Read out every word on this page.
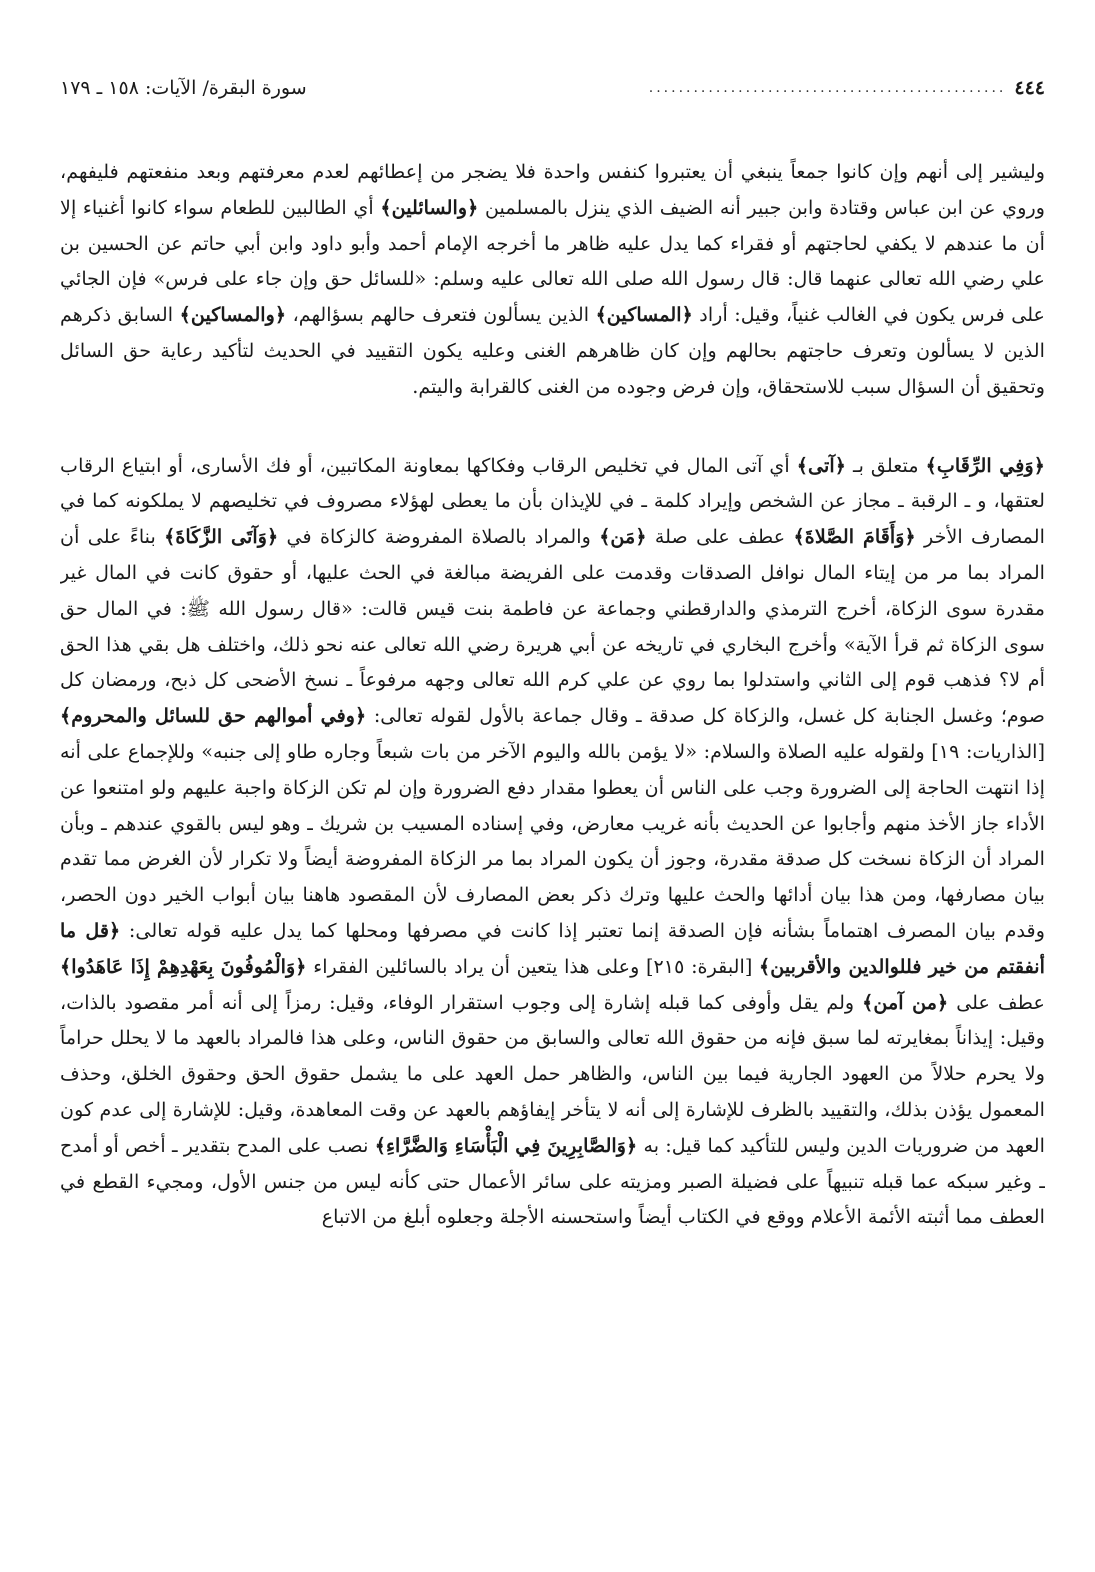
٤٤٤
................................................
سورة البقرة/ الآيات: ١٥٨ ـ ١٧٩

وليشير إلى أنهم وإن كانوا جمعاً ينبغي أن يعتبروا كنفس واحدة فلا يضجر من إعطائهم لعدم معرفتهم وبعد منفعتهم فليفهم، وروي عن ابن عباس وقتادة وابن جبير أنه الضيف الذي ينزل بالمسلمين ﴿والسائلين﴾ أي الطالبين للطعام سواء كانوا أغنياء إلا أن ما عندهم لا يكفي لحاجتهم أو فقراء كما يدل عليه ظاهر ما أخرجه الإمام أحمد وأبو داود وابن أبي حاتم عن الحسين بن علي رضي الله تعالى عنهما قال: قال رسول الله صلى الله تعالى عليه وسلم: «للسائل حق وإن جاء على فرس» فإن الجائي على فرس يكون في الغالب غنياً، وقيل: أراد ﴿المساكين﴾ الذين يسألون فتعرف حالهم بسؤالهم، ﴿والمساكين﴾ السابق ذكرهم الذين لا يسألون وتعرف حاجتهم بحالهم وإن كان ظاهرهم الغنى وعليه يكون التقييد في الحديث لتأكيد رعاية حق السائل وتحقيق أن السؤال سبب للاستحقاق، وإن فرض وجوده من الغنى كالقرابة واليتم.

﴿وَفِي الرِّقَابِ﴾ متعلق بـ ﴿آتى﴾ أي آتى المال في تخليص الرقاب وفكاكها بمعاونة المكاتبين، أو فك الأسارى، أو ابتياع الرقاب لعتقها، و ـ الرقبة ـ مجاز عن الشخص وإيراد كلمة ـ في للإيذان بأن ما يعطى لهؤلاء مصروف في تخليصهم لا يملكونه كما في المصارف الأخر ﴿وَأَقَامَ الصَّلاةَ﴾ عطف على صلة ﴿مَن﴾ والمراد بالصلاة المفروضة كالزكاة في ﴿وَآتَى الزَّكَاةَ﴾ بناءً على أن المراد بما مر من إيتاء المال نوافل الصدقات وقدمت على الفريضة مبالغة في الحث عليها، أو حقوق كانت في المال غير مقدرة سوى الزكاة، أخرج الترمذي والدارقطني وجماعة عن فاطمة بنت قيس قالت: «قال رسول الله ﷺ: في المال حق سوى الزكاة ثم قرأ الآية» وأخرج البخاري في تاريخه عن أبي هريرة رضي الله تعالى عنه نحو ذلك، واختلف هل بقي هذا الحق أم لا؟ فذهب قوم إلى الثاني واستدلوا بما روي عن علي كرم الله تعالى وجهه مرفوعاً ـ نسخ الأضحى كل ذبح، ورمضان كل صوم؛ وغسل الجنابة كل غسل، والزكاة كل صدقة ـ وقال جماعة بالأول لقوله تعالى: ﴿وفي أموالهم حق للسائل والمحروم﴾ [الذاريات: ١٩] ولقوله عليه الصلاة والسلام: «لا يؤمن بالله واليوم الآخر من بات شبعاً وجاره طاو إلى جنبه» وللإجماع على أنه إذا انتهت الحاجة إلى الضرورة وجب على الناس أن يعطوا مقدار دفع الضرورة وإن لم تكن الزكاة واجبة عليهم ولو امتنعوا عن الأداء جاز الأخذ منهم وأجابوا عن الحديث بأنه غريب معارض، وفي إسناده المسيب بن شريك ـ وهو ليس بالقوي عندهم ـ وبأن المراد أن الزكاة نسخت كل صدقة مقدرة، وجوز أن يكون المراد بما مر الزكاة المفروضة أيضاً ولا تكرار لأن الغرض مما تقدم بيان مصارفها، ومن هذا بيان أدائها والحث عليها وترك ذكر بعض المصارف لأن المقصود هاهنا بيان أبواب الخير دون الحصر، وقدم بيان المصرف اهتماماً بشأنه فإن الصدقة إنما تعتبر إذا كانت في مصرفها ومحلها كما يدل عليه قوله تعالى: ﴿قل ما أنفقتم من خير فللوالدين والأقربين﴾ [البقرة: ٢١٥] وعلى هذا يتعين أن يراد بالسائلين الفقراء ﴿وَالْمُوفُونَ بِعَهْدِهِمْ إِذَا عَاهَدُوا﴾ عطف على ﴿من آمن﴾ ولم يقل وأوفى كما قبله إشارة إلى وجوب استقرار الوفاء، وقيل: رمزاً إلى أنه أمر مقصود بالذات، وقيل: إيذاناً بمغايرته لما سبق فإنه من حقوق الله تعالى والسابق من حقوق الناس، وعلى هذا فالمراد بالعهد ما لا يحلل حراماً ولا يحرم حلالاً من العهود الجارية فيما بين الناس، والظاهر حمل العهد على ما يشمل حقوق الحق وحقوق الخلق، وحذف المعمول يؤذن بذلك، والتقييد بالظرف للإشارة إلى أنه لا يتأخر إيفاؤهم بالعهد عن وقت المعاهدة، وقيل: للإشارة إلى عدم كون العهد من ضروريات الدين وليس للتأكيد كما قيل: به ﴿وَالصَّابِرِينَ فِي الْبَأْسَاءِ وَالضَّرَّاءِ﴾ نصب على المدح بتقدير ـ أخص أو أمدح ـ وغير سبكه عما قبله تنبيهاً على فضيلة الصبر ومزيته على سائر الأعمال حتى كأنه ليس من جنس الأول، ومجيء القطع في العطف مما أثبته الأئمة الأعلام ووقع في الكتاب أيضاً واستحسنه الأجلة وجعلوه أبلغ من الاتباع
